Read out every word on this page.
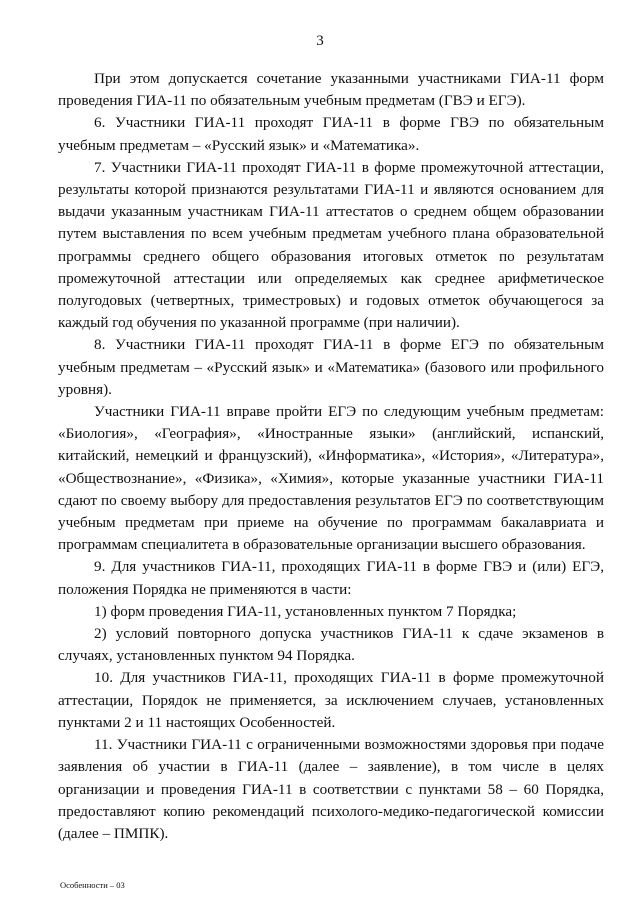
3

При этом допускается сочетание указанными участниками ГИА-11 форм проведения ГИА-11 по обязательным учебным предметам (ГВЭ и ЕГЭ).

6. Участники ГИА-11 проходят ГИА-11 в форме ГВЭ по обязательным учебным предметам – «Русский язык» и «Математика».

7. Участники ГИА-11 проходят ГИА-11 в форме промежуточной аттестации, результаты которой признаются результатами ГИА-11 и являются основанием для выдачи указанным участникам ГИА-11 аттестатов о среднем общем образовании путем выставления по всем учебным предметам учебного плана образовательной программы среднего общего образования итоговых отметок по результатам промежуточной аттестации или определяемых как среднее арифметическое полугодовых (четвертных, триместровых) и годовых отметок обучающегося за каждый год обучения по указанной программе (при наличии).

8. Участники ГИА-11 проходят ГИА-11 в форме ЕГЭ по обязательным учебным предметам – «Русский язык» и «Математика» (базового или профильного уровня).

Участники ГИА-11 вправе пройти ЕГЭ по следующим учебным предметам: «Биология», «География», «Иностранные языки» (английский, испанский, китайский, немецкий и французский), «Информатика», «История», «Литература», «Обществознание», «Физика», «Химия», которые указанные участники ГИА-11 сдают по своему выбору для предоставления результатов ЕГЭ по соответствующим учебным предметам при приеме на обучение по программам бакалавриата и программам специалитета в образовательные организации высшего образования.

9. Для участников ГИА-11, проходящих ГИА-11 в форме ГВЭ и (или) ЕГЭ, положения Порядка не применяются в части:

1) форм проведения ГИА-11, установленных пунктом 7 Порядка;

2) условий повторного допуска участников ГИА-11 к сдаче экзаменов в случаях, установленных пунктом 94 Порядка.

10. Для участников ГИА-11, проходящих ГИА-11 в форме промежуточной аттестации, Порядок не применяется, за исключением случаев, установленных пунктами 2 и 11 настоящих Особенностей.

11. Участники ГИА-11 с ограниченными возможностями здоровья при подаче заявления об участии в ГИА-11 (далее – заявление), в том числе в целях организации и проведения ГИА-11 в соответствии с пунктами 58 – 60 Порядка, предоставляют копию рекомендаций психолого-медико-педагогической комиссии (далее – ПМПК).

Особенности – 03
